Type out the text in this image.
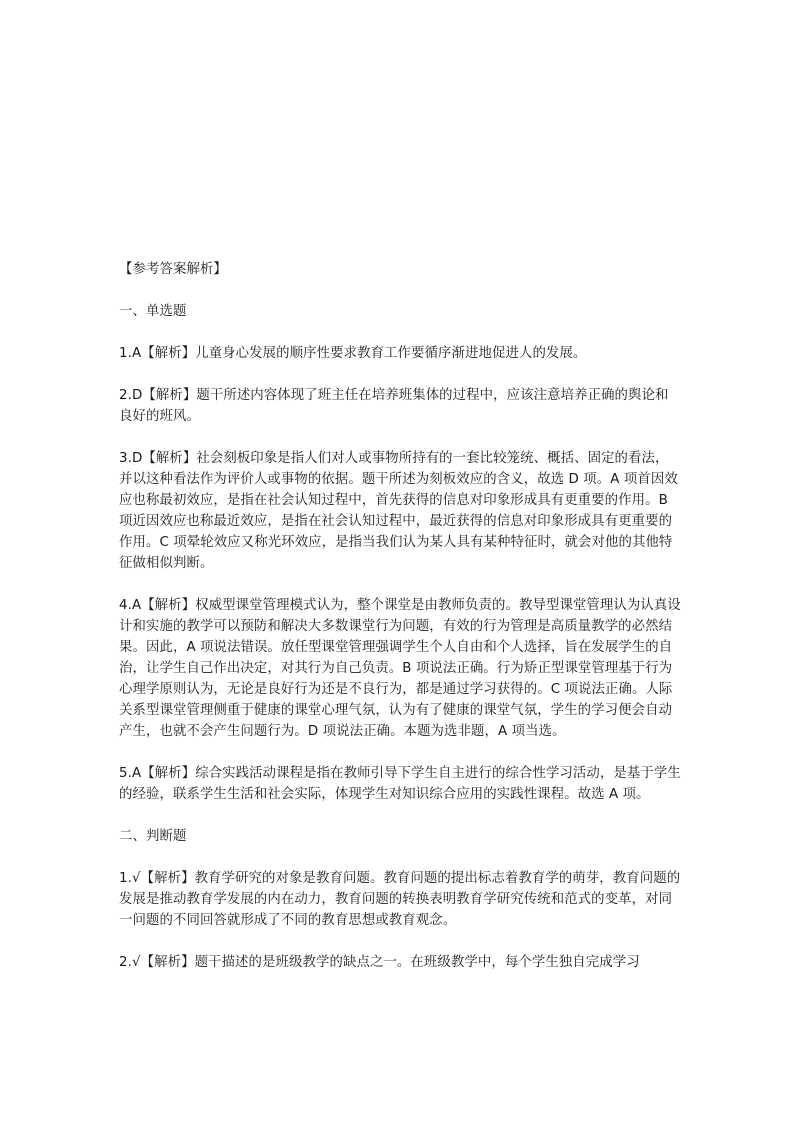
【参考答案解析】

一、单选题

1.A【解析】儿童身心发展的顺序性要求教育工作要循序渐进地促进人的发展。

2.D【解析】题干所述内容体现了班主任在培养班集体的过程中，应该注意培养正确的舆论和良好的班风。

3.D【解析】社会刻板印象是指人们对人或事物所持有的一套比较笼统、概括、固定的看法，并以这种看法作为评价人或事物的依据。题干所述为刻板效应的含义，故选 D 项。A 项首因效应也称最初效应，是指在社会认知过程中，首先获得的信息对印象形成具有更重要的作用。B 项近因效应也称最近效应，是指在社会认知过程中，最近获得的信息对印象形成具有更重要的作用。C 项晕轮效应又称光环效应，是指当我们认为某人具有某种特征时，就会对他的其他特征做相似判断。

4.A【解析】权威型课堂管理模式认为，整个课堂是由教师负责的。教导型课堂管理认为认真设计和实施的教学可以预防和解决大多数课堂行为问题，有效的行为管理是高质量教学的必然结果。因此，A 项说法错误。放任型课堂管理强调学生个人自由和个人选择，旨在发展学生的自治，让学生自己作出决定，对其行为自己负责。B 项说法正确。行为矫正型课堂管理基于行为心理学原则认为，无论是良好行为还是不良行为，都是通过学习获得的。C 项说法正确。人际关系型课堂管理侧重于健康的课堂心理气氛，认为有了健康的课堂气氛，学生的学习便会自动产生，也就不会产生问题行为。D 项说法正确。本题为选非题，A 项当选。

5.A【解析】综合实践活动课程是指在教师引导下学生自主进行的综合性学习活动，是基于学生的经验，联系学生生活和社会实际，体现学生对知识综合应用的实践性课程。故选 A 项。

二、判断题

1.√【解析】教育学研究的对象是教育问题。教育问题的提出标志着教育学的萌芽，教育问题的发展是推动教育学发展的内在动力，教育问题的转换表明教育学研究传统和范式的变革，对同一问题的不同回答就形成了不同的教育思想或教育观念。

2.√【解析】题干描述的是班级教学的缺点之一。在班级教学中，每个学生独自完成学习
